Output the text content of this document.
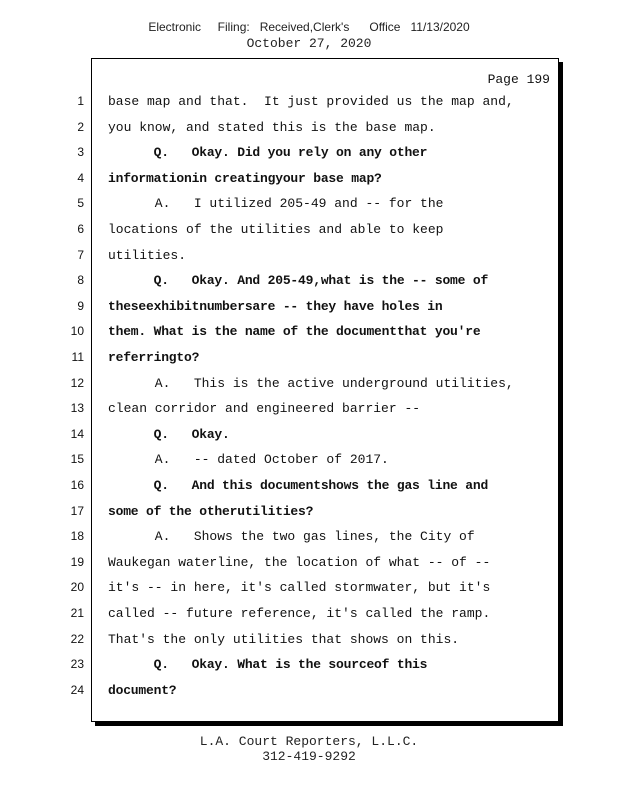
Electronic     Filing:   Received,Clerk's      Office   11/13/2020
October 27, 2020
Page 199
1 base map and that.  It just provided us the map and,
2 you know, and stated this is the base map.
3 Q.   Okay. Did you rely on any other
4 informationin creatingyour base map?
5 A.   I utilized 205-49 and -- for the
6 locations of the utilities and able to keep
7 utilities.
8 Q.   Okay. And 205-49,what is the -- some of
9 theseexhibitnumbersare -- they have holes in
10 them. What is the name of the documentthat you're
11 referringto?
12 A.   This is the active underground utilities,
13 clean corridor and engineered barrier --
14 Q.   Okay.
15 A.   -- dated October of 2017.
16 Q.   And this documentshows the gas line and
17 some of the otherutilities?
18 A.   Shows the two gas lines, the City of
19 Waukegan waterline, the location of what -- of --
20 it's -- in here, it's called stormwater, but it's
21 called -- future reference, it's called the ramp.
22 That's the only utilities that shows on this.
23 Q.   Okay. What is the sourceof this
24 document?
L.A. Court Reporters, L.L.C.
312-419-9292
